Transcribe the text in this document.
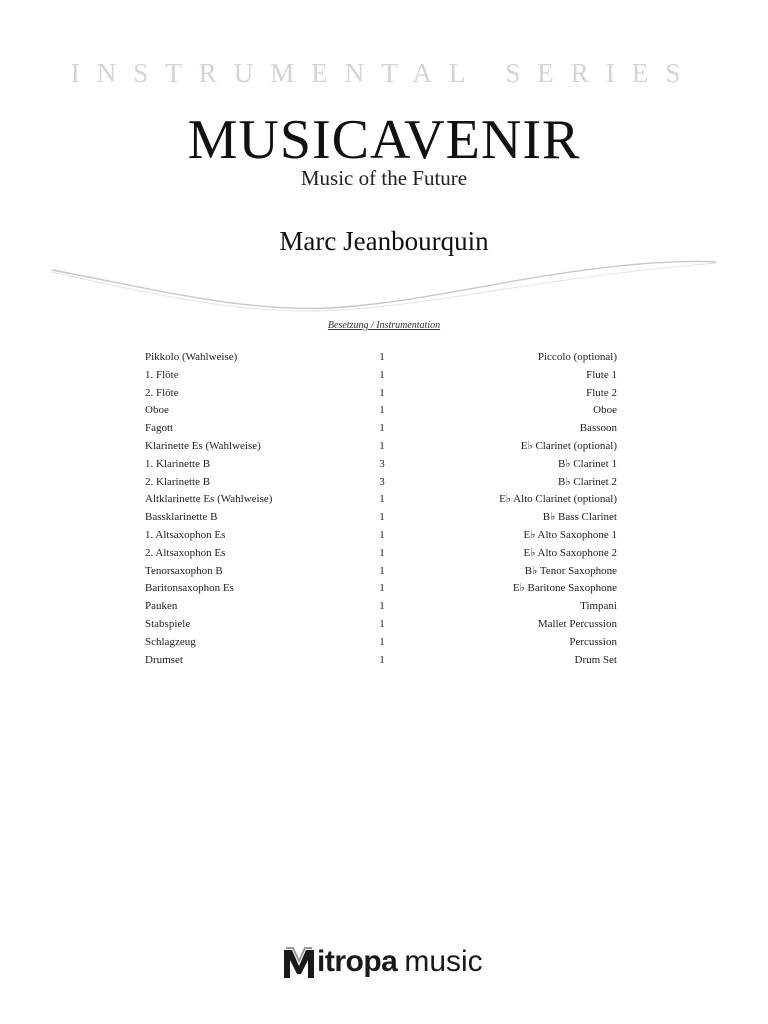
INSTRUMENTAL SERIES
MUSICAVENIR
Music of the Future
Marc Jeanbourquin
Besetzung / Instrumentation
Pikkolo (Wahlweise)	1	Piccolo (optional)
1. Flöte	1	Flute 1
2. Flöte	1	Flute 2
Oboe	1	Oboe
Fagott	1	Bassoon
Klarinette Es (Wahlweise)	1	E♭ Clarinet (optional)
1. Klarinette B	3	B♭ Clarinet 1
2. Klarinette B	3	B♭ Clarinet 2
Altklarinette Es (Wahlweise)	1	E♭ Alto Clarinet (optional)
Bassklarinette B	1	B♭ Bass Clarinet
1. Altsaxophon Es	1	E♭ Alto Saxophone 1
2. Altsaxophon Es	1	E♭ Alto Saxophone 2
Tenorsaxophon B	1	B♭ Tenor Saxophone
Baritonsaxophon Es	1	E♭ Baritone Saxophone
Pauken	1	Timpani
Stabspiele	1	Mallet Percussion
Schlagzeug	1	Percussion
Drumset	1	Drum Set
itropa music
